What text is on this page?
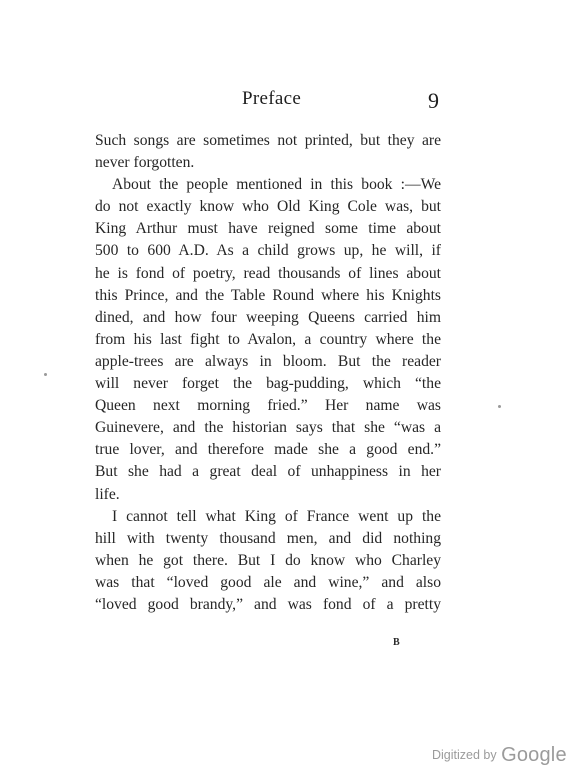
Preface	9
Such songs are sometimes not printed, but they are
never forgotten.
About the people mentioned in this book :—We
do not exactly know who Old King Cole was, but
King Arthur must have reigned some time about
500 to 600 A.D. As a child grows up, he will, if
he is fond of poetry, read thousands of lines about
this Prince, and the Table Round where his Knights
dined, and how four weeping Queens carried him
from his last fight to Avalon, a country where the
apple-trees are always in bloom. But the reader
will never forget the bag-pudding, which “the
Queen next morning fried.” Her name was
Guinevere, and the historian says that she “was a
true lover, and therefore made she a good end.”
But she had a great deal of unhappiness in her
life.
I cannot tell what King of France went up the
hill with twenty thousand men, and did nothing
when he got there. But I do know who Charley
was that “loved good ale and wine,” and also
“loved good brandy,” and was fond of a pretty
B
Digitized by Google
